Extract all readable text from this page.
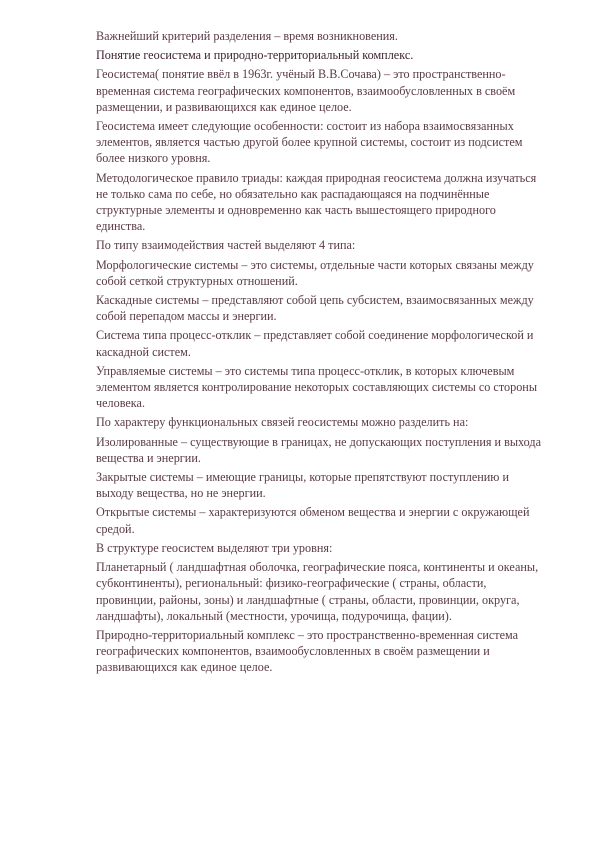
Важнейший критерий разделения – время возникновения.

Понятие геосистема и природно-территориальный комплекс.

Геосистема( понятие ввёл в 1963г. учёный В.В.Сочава) – это пространственно-временная система географических компонентов, взаимообусловленных в своём размещении, и развивающихся как единое целое.

Геосистема имеет следующие особенности: состоит из набора взаимосвязанных элементов, является частью другой более крупной системы, состоит из подсистем более низкого уровня.

Методологическое правило триады: каждая природная геосистема должна изучаться не только сама по себе, но обязательно как распадающаяся на подчинённые структурные элементы и одновременно как часть вышестоящего природного единства.

По типу взаимодействия частей выделяют 4 типа:

Морфологические системы – это системы, отдельные части которых связаны между собой сеткой структурных отношений.

Каскадные системы – представляют собой цепь субсистем, взаимосвязанных между собой перепадом массы и энергии.

Система типа процесс-отклик – представляет собой соединение морфологической и каскадной систем.

Управляемые системы – это системы типа процесс-отклик, в которых ключевым элементом является контролирование некоторых составляющих системы со стороны человека.

По характеру функциональных связей геосистемы можно разделить на:

Изолированные – существующие в границах, не допускающих поступления и выхода вещества и энергии.

Закрытые системы – имеющие границы, которые препятствуют поступлению и выходу вещества, но не энергии.

Открытые системы – характеризуются обменом вещества и энергии с окружающей средой.

В структуре геосистем выделяют три уровня:

Планетарный ( ландшафтная оболочка, географические пояса, континенты и океаны, субконтиненты), региональный: физико-географические ( страны, области, провинции, районы, зоны) и ландшафтные ( страны, области, провинции, округа, ландшафты), локальный (местности, урочища, подурочища, фации).

Природно-территориальный комплекс – это пространственно-временная система географических компонентов, взаимообусловленных в своём размещении и развивающихся как единое целое.
